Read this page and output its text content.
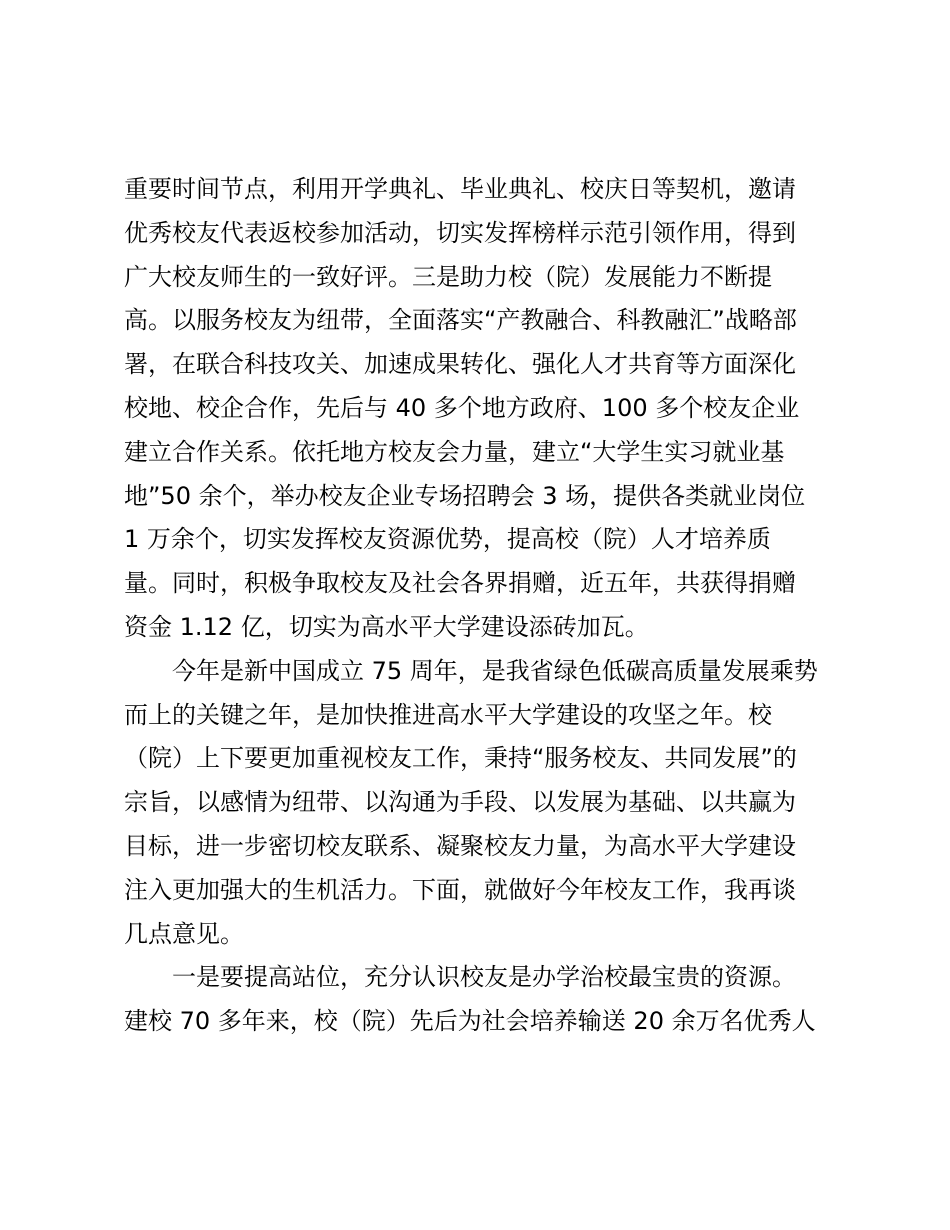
重要时间节点，利用开学典礼、毕业典礼、校庆日等契机，邀请
优秀校友代表返校参加活动，切实发挥榜样示范引领作用，得到
广大校友师生的一致好评。三是助力校（院）发展能力不断提
高。以服务校友为纽带，全面落实“产教融合、科教融汇”战略部
署，在联合科技攻关、加速成果转化、强化人才共育等方面深化
校地、校企合作，先后与 40 多个地方政府、100 多个校友企业
建立合作关系。依托地方校友会力量，建立“大学生实习就业基
地”50 余个，举办校友企业专场招聘会 3 场，提供各类就业岗位
1 万余个，切实发挥校友资源优势，提高校（院）人才培养质
量。同时，积极争取校友及社会各界捐赠，近五年，共获得捐赠
资金 1.12 亿，切实为高水平大学建设添砖加瓦。
今年是新中国成立 75 周年，是我省绿色低碳高质量发展乘势
而上的关键之年，是加快推进高水平大学建设的攻坚之年。校
（院）上下要更加重视校友工作，秉持“服务校友、共同发展”的
宗旨，以感情为纽带、以沟通为手段、以发展为基础、以共赢为
目标，进一步密切校友联系、凝聚校友力量，为高水平大学建设
注入更加强大的生机活力。下面，就做好今年校友工作，我再谈
几点意见。
一是要提高站位，充分认识校友是办学治校最宝贵的资源。
建校 70 多年来，校（院）先后为社会培养输送 20 余万名优秀人
